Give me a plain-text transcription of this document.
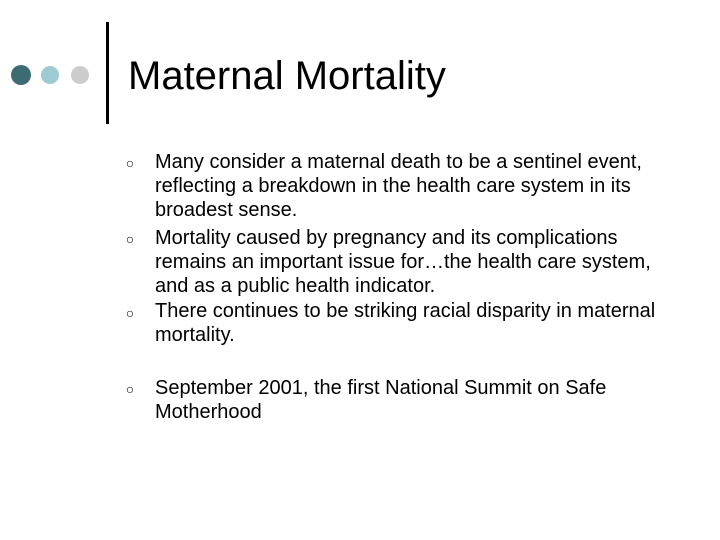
Maternal Mortality
○ Many consider a maternal death to be a sentinel event, reflecting a breakdown in the health care system in its broadest sense.

○ Mortality caused by pregnancy and its complications remains an important issue for…the health care system, and as a public health indicator.

○ There continues to be striking racial disparity in maternal mortality.

○ September 2001, the first National Summit on Safe Motherhood
